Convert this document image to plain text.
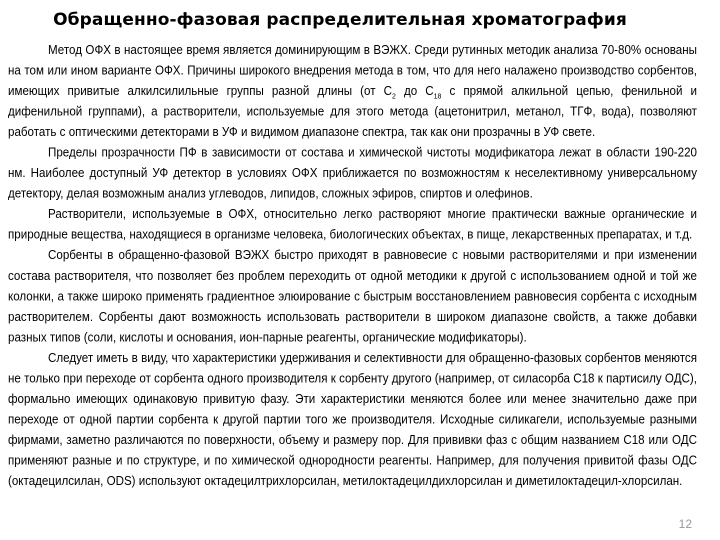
Обращенно-фазовая распределительная хроматография

Метод ОФХ в настоящее время является доминирующим в ВЭЖХ. Среди рутинных методик анализа 70-80% основаны на том или ином варианте ОФХ. Причины широкого внедрения метода в том, что для него налажено производство сорбентов, имеющих привитые алкилсилильные группы разной длины (от $С_2$ до $С_{18}$ с прямой алкильной цепью, фенильной и дифенильной группами), а растворители, используемые для этого метода (ацетонитрил, метанол, ТГФ, вода), позволяют работать с оптическими детекторами в УФ и видимом диапазоне спектра, так как они прозрачны в УФ свете.

Пределы прозрачности ПФ в зависимости от состава и химической чистоты модификатора лежат в области 190-220 нм. Наиболее доступный УФ детектор в условиях ОФХ приближается по возможностям к неселективному универсальному детектору, делая возможным анализ углеводов, липидов, сложных эфиров, спиртов и олефинов.

Растворители, используемые в ОФХ, относительно легко растворяют многие практически важные органические и природные вещества, находящиеся в организме человека, биологических объектах, в пище, лекарственных препаратах, и т.д.

Сорбенты в обращенно-фазовой ВЭЖХ быстро приходят в равновесие с новыми растворителями и при изменении состава растворителя, что позволяет без проблем переходить от одной методики к другой с использованием одной и той же колонки, а также широко применять градиентное элюирование с быстрым восстановлением равновесия сорбента с исходным растворителем. Сорбенты дают возможность использовать растворители в широком диапазоне свойств, а также добавки разных типов (соли, кислоты и основания, ион-парные реагенты, органические модификаторы).

Следует иметь в виду, что характеристики удерживания и селективности для обращенно-фазовых сорбентов меняются не только при переходе от сорбента одного производителя к сорбенту другого (например, от силасорба С18 к партисилу ОДС), формально имеющих одинаковую привитую фазу. Эти характеристики меняются более или менее значительно даже при переходе от одной партии сорбента к другой партии того же производителя. Исходные силикагели, используемые разными фирмами, заметно различаются по поверхности, объему и размеру пор. Для прививки фаз с общим названием С18 или ОДС применяют разные и по структуре, и по химической однородности реагенты. Например, для получения привитой фазы ОДС (октадецилсилан, ODS) используют октадецилтрихлорсилан, метилоктадецилдихлорсилан и диметилоктадецил-хлорсилан.

12
